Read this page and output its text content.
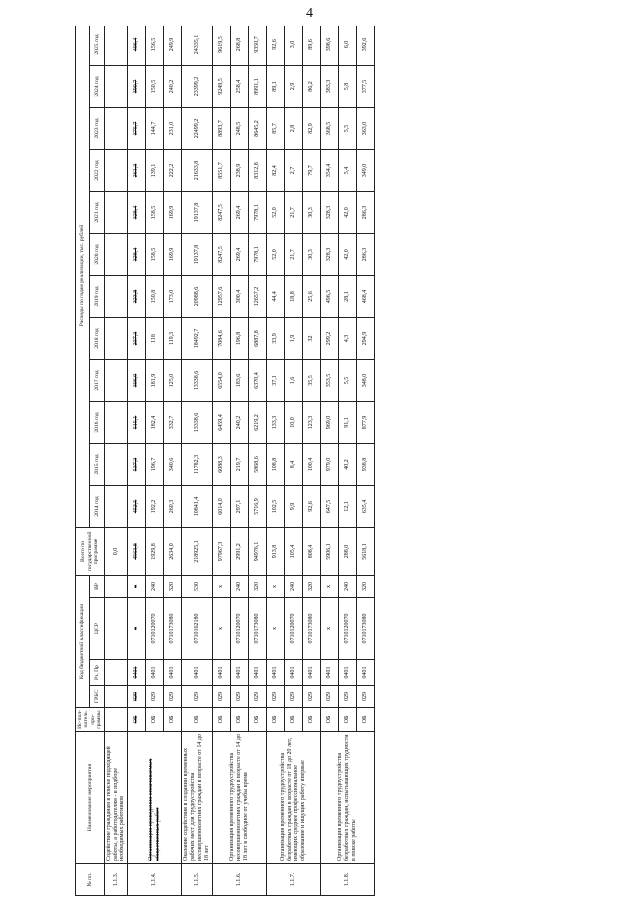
4
№ пп.	Наименование мероприятия	Ис-пол-нитель про-граммы	Код бюджетной классификации				Всего по государственной программе	Расходы по годам реализации, тыс. рублей											
			ГРБС	Рз, Пр	ЦСР	ВР		2014 год	2015 год	2016 год	2017 год	2018 год	2019 год	2020 год	2021 год	2022 год	2023 год	2024 год	2025 год
1.1.3.	Содействие гражданам в поиске подходящей работы, а работодателям - в подборе необходимых работников						0,0												
1.1.4.	Организация проведения оплачиваемых общественных работ	ОБ	029	0401	x	x	4563,8	452,5	537,3	515,1	306,9	237,3	323,8	328,4	328,4	261,3	375,7	390,7	406,4
		ОБ	029	0401	0710120070	240	1929,8	192,2	196,7	182,4	181,9	118	150,8	158,5	158,5	139,1	144,7	150,5	156,5
		ОБ	029	0401	0710173080	320	2634,0	260,3	340,6	332,7	125,0	119,3	173,0	169,9	169,9	222,2	231,0	240,2	249,9
1.1.5.	Оказание содействия в создании временных рабочих мест для трудоустройства несовершеннолетних граждан в возрасте от 14 до 18 лет	ОБ	029	0401	0710162180	530	218925,1	10841,4	11782,3	13338,6	13338,6	18492,7	20988,6	19137,8	19137,8	21633,8	22499,2	23399,2	24335,1
1.1.6.	Организация временного трудоустройства несовершеннолетних граждан в возрасте от 14 до 18 лет в свободное от учебы время	ОБ	029	0401	x	x	97967,3	6014,0	6088,3	6459,4	6554,0	7084,6	12957,6	8247,5	8247,5	8551,7	8893,7	9249,5	9619,5
		ОБ	029	0401	0710120070	240	2991,2	297,1	219,7	240,2	183,6	196,8	300,4	269,4	269,4	238,9	248,5	258,4	268,8
		ОБ	029	0401	0710173080	320	94976,1	5716,9	5868,6	6219,2	6370,4	6887,8	12657,2	7978,1	7978,1	8312,8	8645,2	8991,1	9350,7
1.1.7.	Организация временного трудоустройства безработных граждан в возрасте от 18 до 20 лет, имеющих среднее профессиональное образование и ищущих работу впервые	ОБ	029	0401	x	x	913,8	102,5	108,8	133,3	37,1	33,9	44,4	52,0	52,0	82,4	85,7	89,1	92,6
		ОБ	029	0401	0710120070	240	105,4	9,9	8,4	10,0	1,6	1,9	18,8	21,7	21,7	2,7	2,8	2,9	3,0
		ОБ	029	0401	0710173080	320	808,4	92,6	100,4	123,3	35,5	32	25,6	30,3	30,3	79,7	82,9	86,2	89,6
1.1.8.	Организация временного трудоустройства безработных граждан, испытывающих трудности в поиске работы	ОБ	029	0401	x	x	5906,1	647,5	979,0	969,0	353,5	299,2	496,5	328,3	328,3	354,4	368,5	383,3	398,6
		ОБ	029	0401	0710120070	240	288,0	12,1	40,2	91,1	5,5	4,3	28,1	42,0	42,0	5,4	5,5	5,8	6,0
		ОБ	029	0401	0710173080	320	5618,1	635,4	938,8	877,9	348,0	294,9	468,4	286,3	286,3	349,0	363,0	377,5	392,6
